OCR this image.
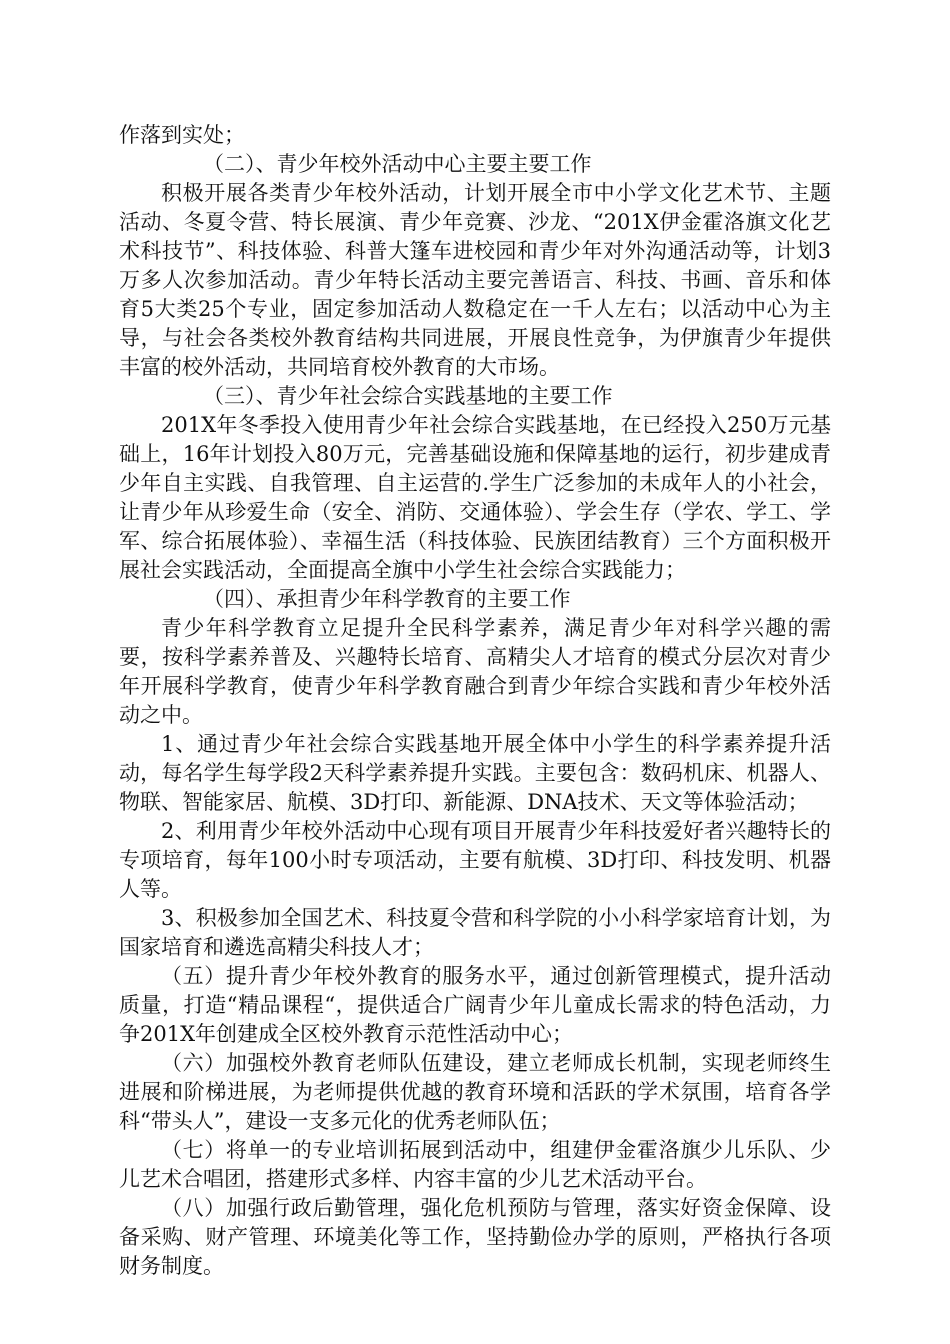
作落到实处；

（二）、青少年校外活动中心主要主要工作

积极开展各类青少年校外活动，计划开展全市中小学文化艺术节、主题活动、冬夏令营、特长展演、青少年竞赛、沙龙、“201X伊金霍洛旗文化艺术科技节”、科技体验、科普大篷车进校园和青少年对外沟通活动等，计划3万多人次参加活动。青少年特长活动主要完善语言、科技、书画、音乐和体育5大类25个专业，固定参加活动人数稳定在一千人左右；以活动中心为主导，与社会各类校外教育结构共同进展，开展良性竞争，为伊旗青少年提供丰富的校外活动，共同培育校外教育的大市场。

（三）、青少年社会综合实践基地的主要工作

201X年冬季投入使用青少年社会综合实践基地，在已经投入250万元基础上，16年计划投入80万元，完善基础设施和保障基地的运行，初步建成青少年自主实践、自我管理、自主运营的.学生广泛参加的未成年人的小社会，让青少年从珍爱生命（安全、消防、交通体验）、学会生存（学农、学工、学军、综合拓展体验）、幸福生活（科技体验、民族团结教育）三个方面积极开展社会实践活动，全面提高全旗中小学生社会综合实践能力；

（四）、承担青少年科学教育的主要工作

青少年科学教育立足提升全民科学素养，满足青少年对科学兴趣的需要，按科学素养普及、兴趣特长培育、高精尖人才培育的模式分层次对青少年开展科学教育，使青少年科学教育融合到青少年综合实践和青少年校外活动之中。

1、通过青少年社会综合实践基地开展全体中小学生的科学素养提升活动，每名学生每学段2天科学素养提升实践。主要包含：数码机床、机器人、物联、智能家居、航模、3D打印、新能源、DNA技术、天文等体验活动；

2、利用青少年校外活动中心现有项目开展青少年科技爱好者兴趣特长的专项培育，每年100小时专项活动，主要有航模、3D打印、科技发明、机器人等。

3、积极参加全国艺术、科技夏令营和科学院的小小科学家培育计划，为国家培育和遴选高精尖科技人才；

（五）提升青少年校外教育的服务水平，通过创新管理模式，提升活动质量，打造“精品课程“，提供适合广阔青少年儿童成长需求的特色活动，力争201X年创建成全区校外教育示范性活动中心；

（六）加强校外教育老师队伍建设，建立老师成长机制，实现老师终生进展和阶梯进展，为老师提供优越的教育环境和活跃的学术氛围，培育各学科“带头人”，建设一支多元化的优秀老师队伍；

（七）将单一的专业培训拓展到活动中，组建伊金霍洛旗少儿乐队、少儿艺术合唱团，搭建形式多样、内容丰富的少儿艺术活动平台。

（八）加强行政后勤管理，强化危机预防与管理，落实好资金保障、设备采购、财产管理、环境美化等工作，坚持勤俭办学的原则，严格执行各项财务制度。
